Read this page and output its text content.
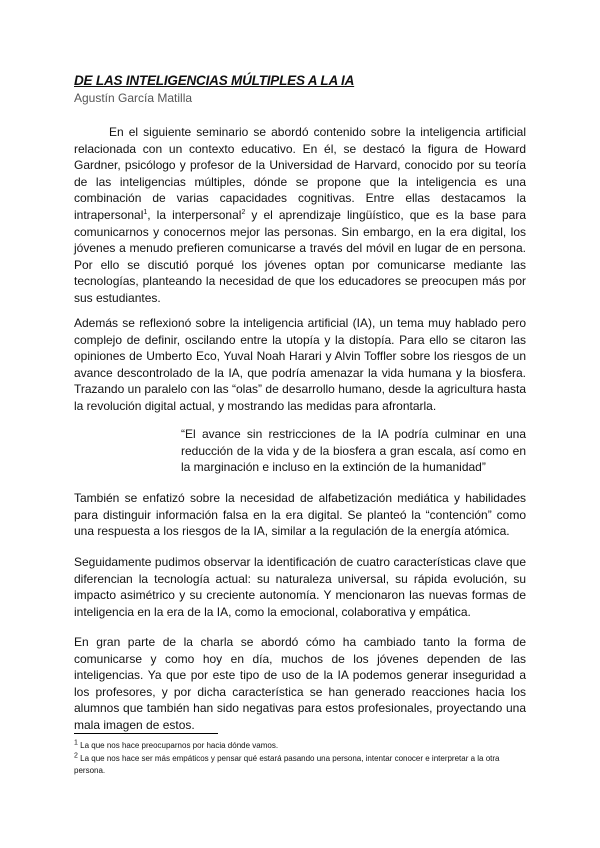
DE LAS INTELIGENCIAS MÚLTIPLES A LA IA

Agustín García Matilla

En el siguiente seminario se abordó contenido sobre la inteligencia artificial relacionada con un contexto educativo. En él, se destacó la figura de Howard Gardner, psicólogo y profesor de la Universidad de Harvard, conocido por su teoría de las inteligencias múltiples, dónde se propone que la inteligencia es una combinación de varias capacidades cognitivas. Entre ellas destacamos la intrapersonal$^1$, la interpersonal$^2$ y el aprendizaje lingüístico, que es la base para comunicarnos y conocernos mejor las personas. Sin embargo, en la era digital, los jóvenes a menudo prefieren comunicarse a través del móvil en lugar de en persona. Por ello se discutió porqué los jóvenes optan por comunicarse mediante las tecnologías, planteando la necesidad de que los educadores se preocupen más por sus estudiantes.

Además se reflexionó sobre la inteligencia artificial (IA), un tema muy hablado pero complejo de definir, oscilando entre la utopía y la distopía. Para ello se citaron las opiniones de Umberto Eco, Yuval Noah Harari y Alvin Toffler sobre los riesgos de un avance descontrolado de la IA, que podría amenazar la vida humana y la biosfera. Trazando un paralelo con las “olas” de desarrollo humano, desde la agricultura hasta la revolución digital actual, y mostrando las medidas para afrontarla.

“El avance sin restricciones de la IA podría culminar en una reducción de la vida y de la biosfera a gran escala, así como en la marginación e incluso en la extinción de la humanidad”

También se enfatizó sobre la necesidad de alfabetización mediática y habilidades para distinguir información falsa en la era digital. Se planteó la “contención” como una respuesta a los riesgos de la IA, similar a la regulación de la energía atómica.

Seguidamente pudimos observar la identificación de cuatro características clave que diferencian la tecnología actual: su naturaleza universal, su rápida evolución, su impacto asimétrico y su creciente autonomía. Y mencionaron las nuevas formas de inteligencia en la era de la IA, como la emocional, colaborativa y empática.

En gran parte de la charla se abordó cómo ha cambiado tanto la forma de comunicarse y como hoy en día, muchos de los jóvenes dependen de las inteligencias. Ya que por este tipo de uso de la IA podemos generar inseguridad a los profesores, y por dicha característica se han generado reacciones hacia los alumnos que también han sido negativas para estos profesionales, proyectando una mala imagen de estos.

$^1$ La que nos hace preocuparnos por hacia dónde vamos.

$^2$ La que nos hace ser más empáticos y pensar qué estará pasando una persona, intentar conocer e interpretar a la otra persona.
